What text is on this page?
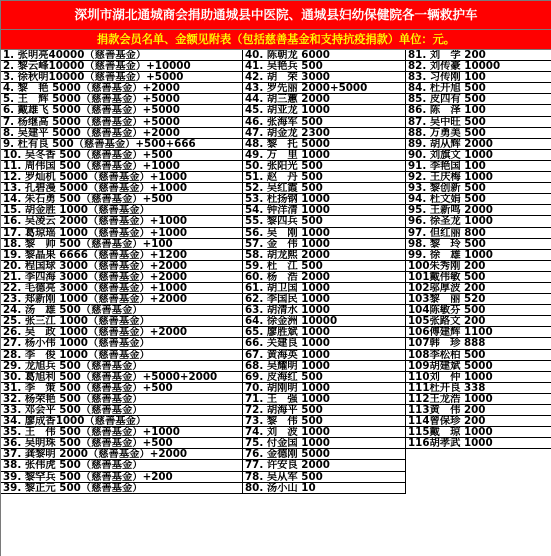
深圳市湖北通城商会捐助通城县中医院、通城县妇幼保健院各一辆救护车
捐款会员名单、金额见附表（包括慈善基金和支持抗疫捐款）单位：元。
1. 张明亮40000（慈善基金）
2. 黎云峰10000（慈善基金）+10000
3. 徐秋明10000（慈善基金）+5000
4. 黎　艳 5000（慈善基金）+2000
5. 王　辉 5000（慈善基金）+5000
6. 戴雄飞 5000（慈善基金）+5000
7. 杨继高 5000（慈善基金）+5000
8. 吴建平 5000（慈善基金）+2000
9. 杜有良 500（慈善基金）+500+666
10. 吴冬香 500（慈善基金）+500
11. 周伟国 500（慈善基金）+1000
12. 罗灿机 5000（慈善基金）+1000
13. 孔碧漫 5000（慈善基金）+1000
14. 朱石勇 500（慈善基金）+500
15. 胡金胜 1000（慈善基金）
16. 吴凌云 2000（慈善基金）+1000
17. 葛琼瑶 1000（慈善基金）+1000
18. 黎　帅 500（慈善基金）+100
19. 黎晶果 6666（慈善基金）+1200
20. 程国球 3000（慈善基金）+2000
21. 李四海 3000（慈善基金）+2000
22. 毛德亮 3000（慈善基金）+1000
23. 郑新刚 1000（慈善基金）+2000
24. 汤　雄 500（慈善基金）
25. 张三江 1000（慈善基金）
26. 吴　政 1000（慈善基金）+2000
27. 杨小伟 1000（慈善基金）
28. 李　俊 1000（慈善基金）
29. 龙旭兵 500（慈善基金）
30. 葛旭利 500（慈善基金）+5000+2000
31. 李　策 500（慈善基金）+500
32. 杨荣艳 500（慈善基金）
33. 邓会平 500（慈善基金）
34. 廖成香1000（慈善基金）
35. 王　伟 500（慈善基金）+1000
36. 吴明珠 500（慈善基金）+500
37. 龚黎明 2000（慈善基金）+2000
38. 张伟虎 500（慈善基金）
39. 黎罕兵 500（慈善基金）+200
39. 黎正元 500（慈善基金）
40. 陈朝龙 6000
41. 吴艳兵 500
42. 胡　荣 3000
43. 罗先丽 2000+5000
44. 胡三蕙 2000
45. 胡亚龙 1000
46. 张海军 500
47. 胡金龙 2300
48. 黎　托 5000
49. 万　里 1000
50. 张阳光 500
51. 赵　丹 500
52. 吴红霞 500
53. 杜扬钢 1000
54. 钟洋清 1000
55. 黎四兵 500
56. 吴　刚 1000
57. 金　伟 1000
58. 胡龙熙 2000
59. 杜　江 500
60. 杨　浩 2000
61. 胡卫国 1000
62. 李国民 1000
63. 胡清水 1000
64. 徐金洲 10000
65. 廖胜斌 1000
66. 关建良 1000
67. 黄海英 1000
68. 吴耀明 1000
69. 皮海红 500
70. 胡刚明 1000
71. 王　强 1000
72. 胡海平 500
73. 黎　伟 500
74. 刘　波 1000
75. 付金国 1000
76. 金德刚 5000
77. 许安良 2000
78. 吴从军 500
80. 汤小山 10
81. 刘　学 200
82. 刘传豪 10000
83. 习传刚 100
84. 杜开旭 500
85. 皮四有 500
86. 陈　泽 100
87. 吴中旺 500
88. 万勇美 500
89. 胡从辉 2000
90. 刘旗文 1000
91. 李艳国 100
92. 王庆梅 1000
93. 黎创新 500
94. 杜文娟 500
95. 王新鸣 2000
96. 徐圣龙 1000
97. 但红丽 800
98. 黎　玲 500
99. 徐　雄 1000
100朱秀刚 200
101戴伟敏 500
102邬厚波 200
103黎　丽 520
104陈敏芬 500
105张路文 200
106傅建辉 1100
107韩　珍 888
108李松柏 500
109胡建斌 5000
110刘　仲 1000
111杜开良 338
112王龙浩 1000
113黄　伟 200
114曾保珍 200
115戴　琼 1000
116胡孝武 1000
